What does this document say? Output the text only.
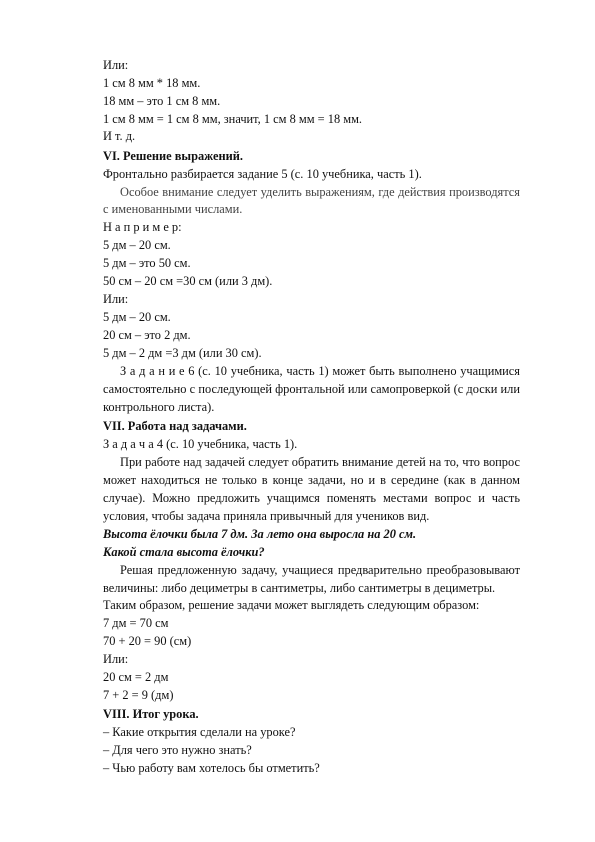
Или:
1 см 8 мм * 18 мм.
18 мм – это 1 см 8 мм.
1 см 8 мм = 1 см 8 мм, значит, 1 см 8 мм = 18 мм.
И т. д.
VI. Решение выражений.
Фронтально разбирается задание 5 (с. 10 учебника, часть 1).
Особое внимание следует уделить выражениям, где действия производятся
с именованными числами.
Н а п р и м е р:
5 дм – 20 см.
5 дм – это 50 см.
50 см – 20 см =30 см (или 3 дм).
Или:
5 дм – 20 см.
20 см – это 2 дм.
5 дм – 2 дм =3 дм (или 30 см).
З а д а н и е 6 (с. 10 учебника, часть 1) может быть выполнено учащимися
самостоятельно с последующей фронтальной или самопроверкой (с доски или
контрольного листа).
VII. Работа над задачами.
З а д а ч а 4 (с. 10 учебника, часть 1).
При работе над задачей следует обратить внимание детей на то, что вопрос
может находиться не только в конце задачи, но и в середине (как в данном
случае). Можно предложить учащимся поменять местами вопрос и часть
условия, чтобы задача приняла привычный для учеников вид.
Высота ёлочки была 7 дм. За лето она выросла на 20 см.
Какой стала высота ёлочки?
Решая предложенную задачу, учащиеся предварительно преобразовывают
величины: либо дециметры в сантиметры, либо сантиметры в дециметры.
Таким образом, решение задачи может выглядеть следующим образом:
7 дм = 70 см
70 + 20 = 90 (см)
Или:
20 см = 2 дм
7 + 2 = 9 (дм)
VIII. Итог урока.
– Какие открытия сделали на уроке?
– Для чего это нужно знать?
– Чью работу вам хотелось бы отметить?
